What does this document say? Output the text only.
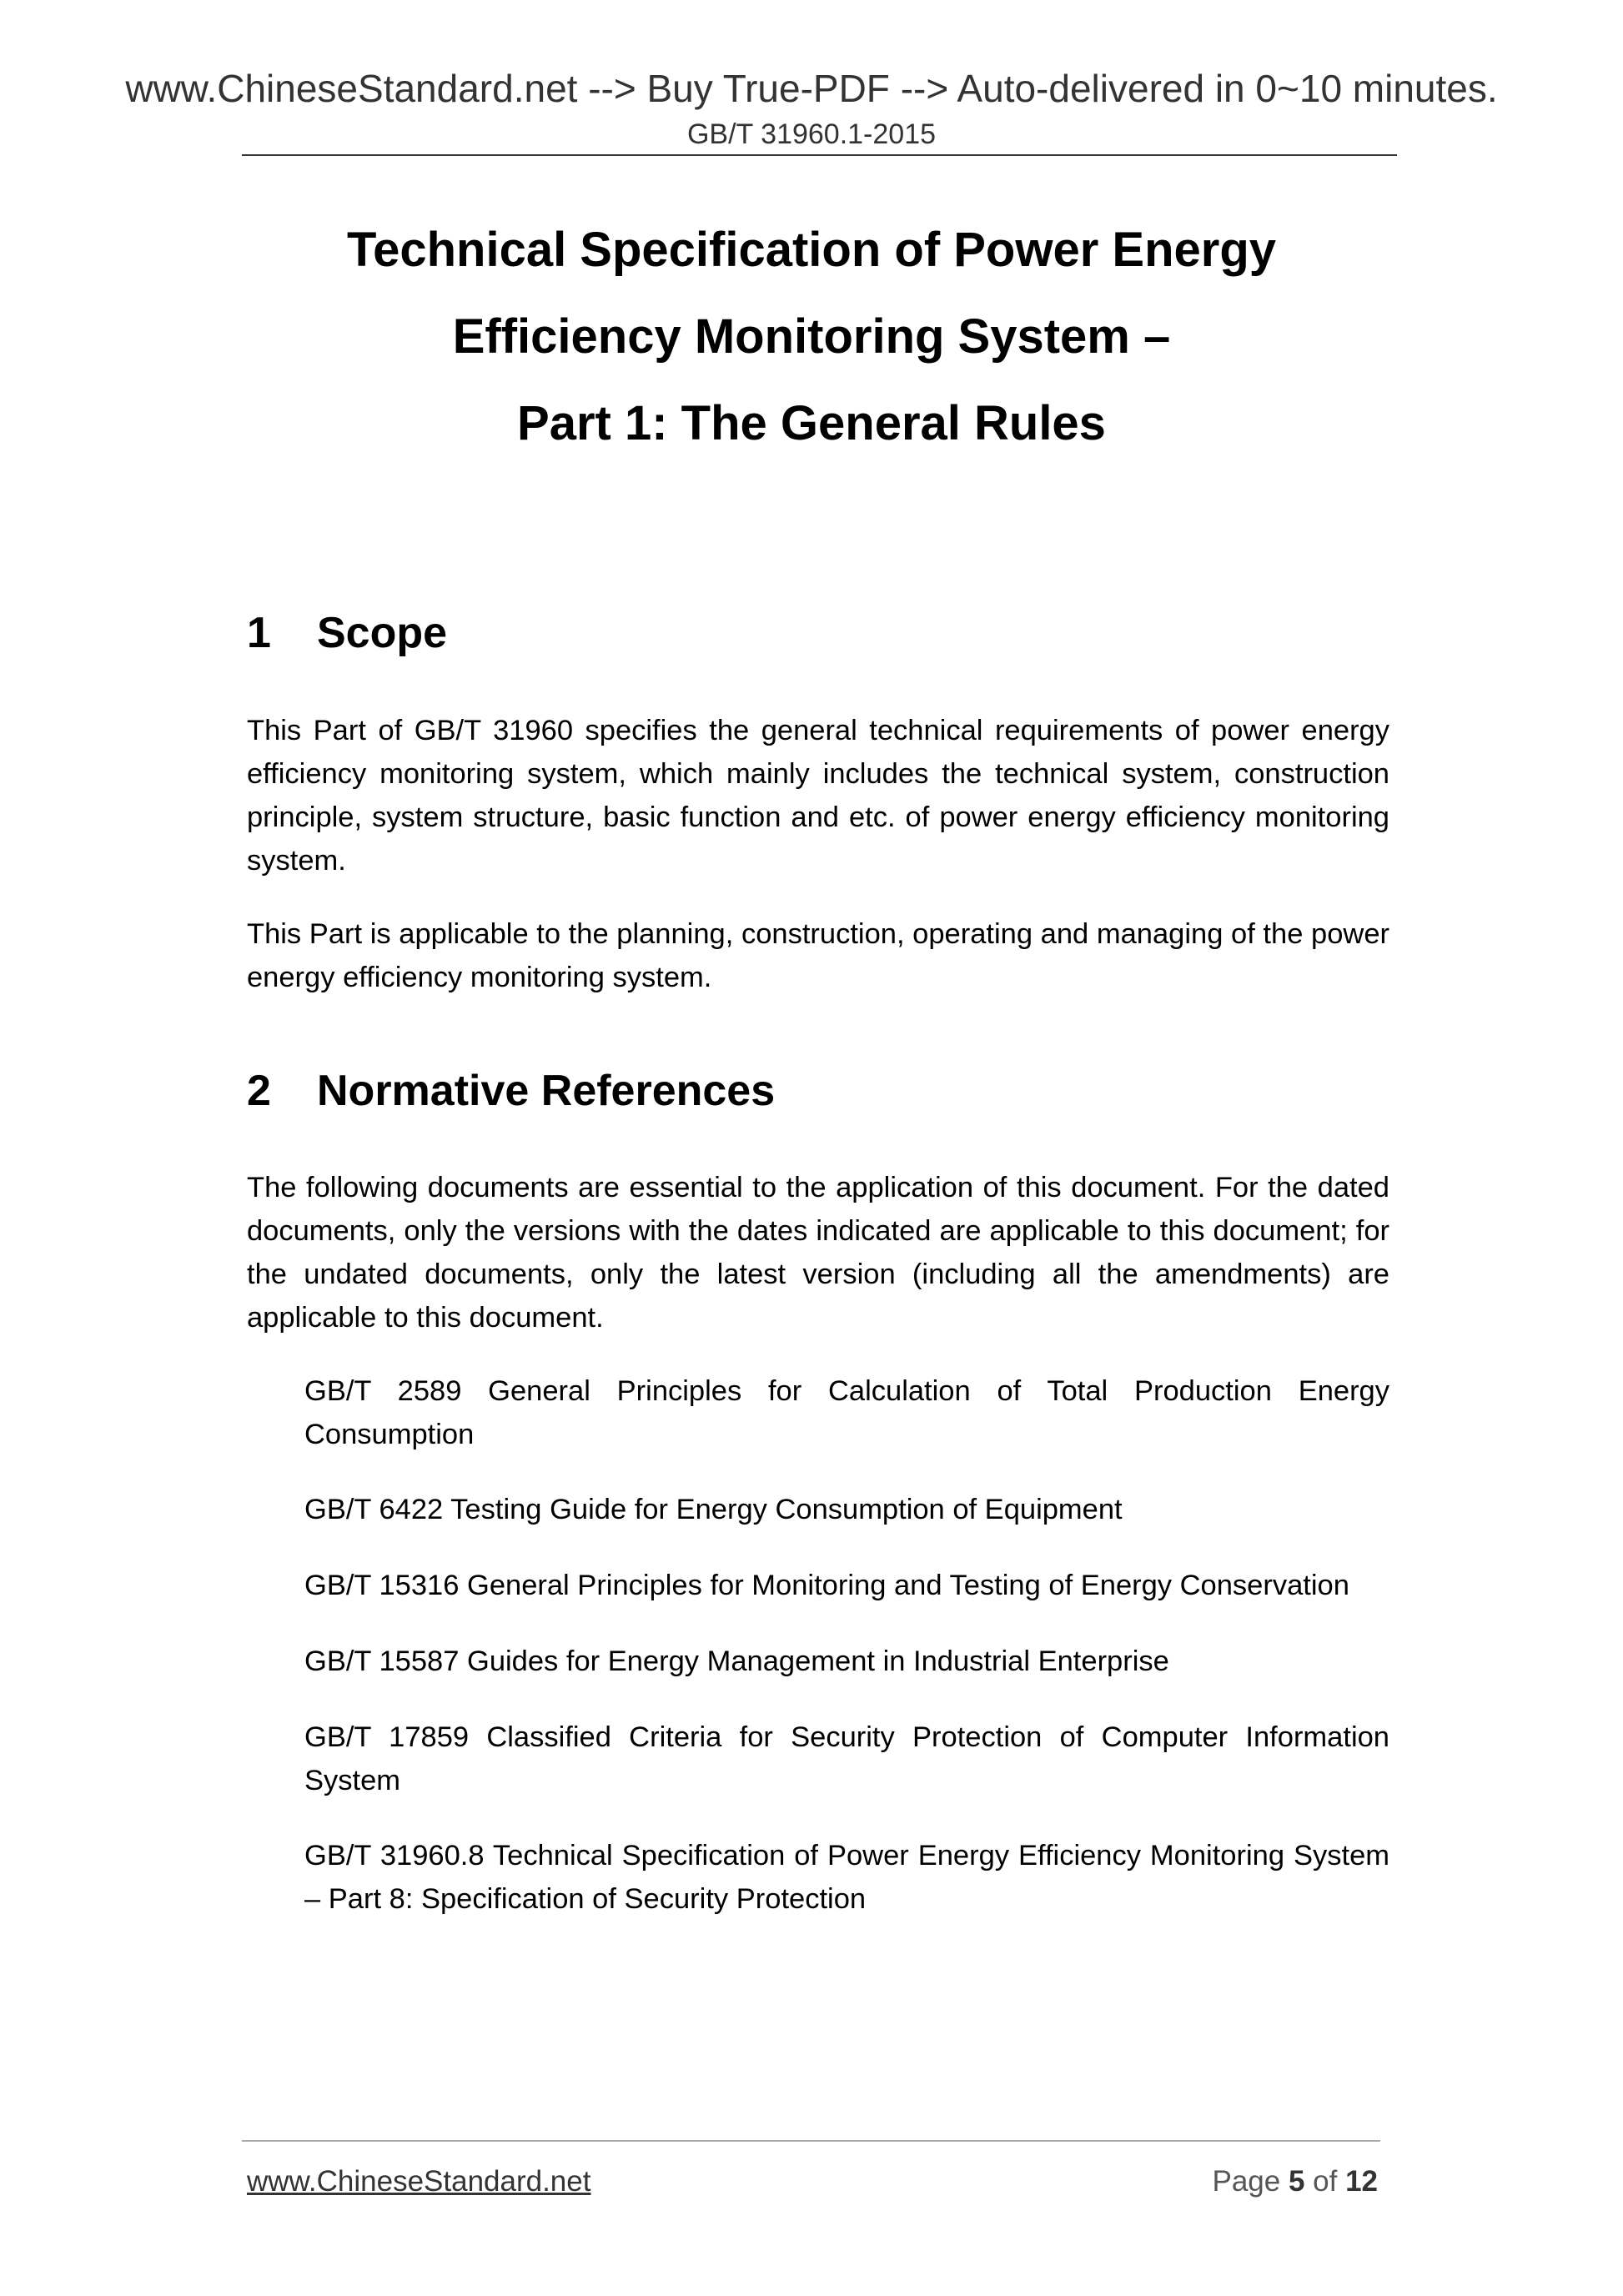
www.ChineseStandard.net --> Buy True-PDF --> Auto-delivered in 0~10 minutes.

GB/T 31960.1-2015

Technical Specification of Power Energy
Efficiency Monitoring System –
Part 1: The General Rules
1 Scope

This Part of GB/T 31960 specifies the general technical requirements of power energy efficiency monitoring system, which mainly includes the technical system, construction principle, system structure, basic function and etc. of power energy efficiency monitoring system.

This Part is applicable to the planning, construction, operating and managing of the power energy efficiency monitoring system.

2 Normative References

The following documents are essential to the application of this document. For the dated documents, only the versions with the dates indicated are applicable to this document; for the undated documents, only the latest version (including all the amendments) are applicable to this document.

GB/T 2589 General Principles for Calculation of Total Production Energy Consumption

GB/T 6422 Testing Guide for Energy Consumption of Equipment

GB/T 15316 General Principles for Monitoring and Testing of Energy Conservation

GB/T 15587 Guides for Energy Management in Industrial Enterprise

GB/T 17859 Classified Criteria for Security Protection of Computer Information System

GB/T 31960.8 Technical Specification of Power Energy Efficiency Monitoring System – Part 8: Specification of Security Protection

www.ChineseStandard.net	Page 5 of 12
